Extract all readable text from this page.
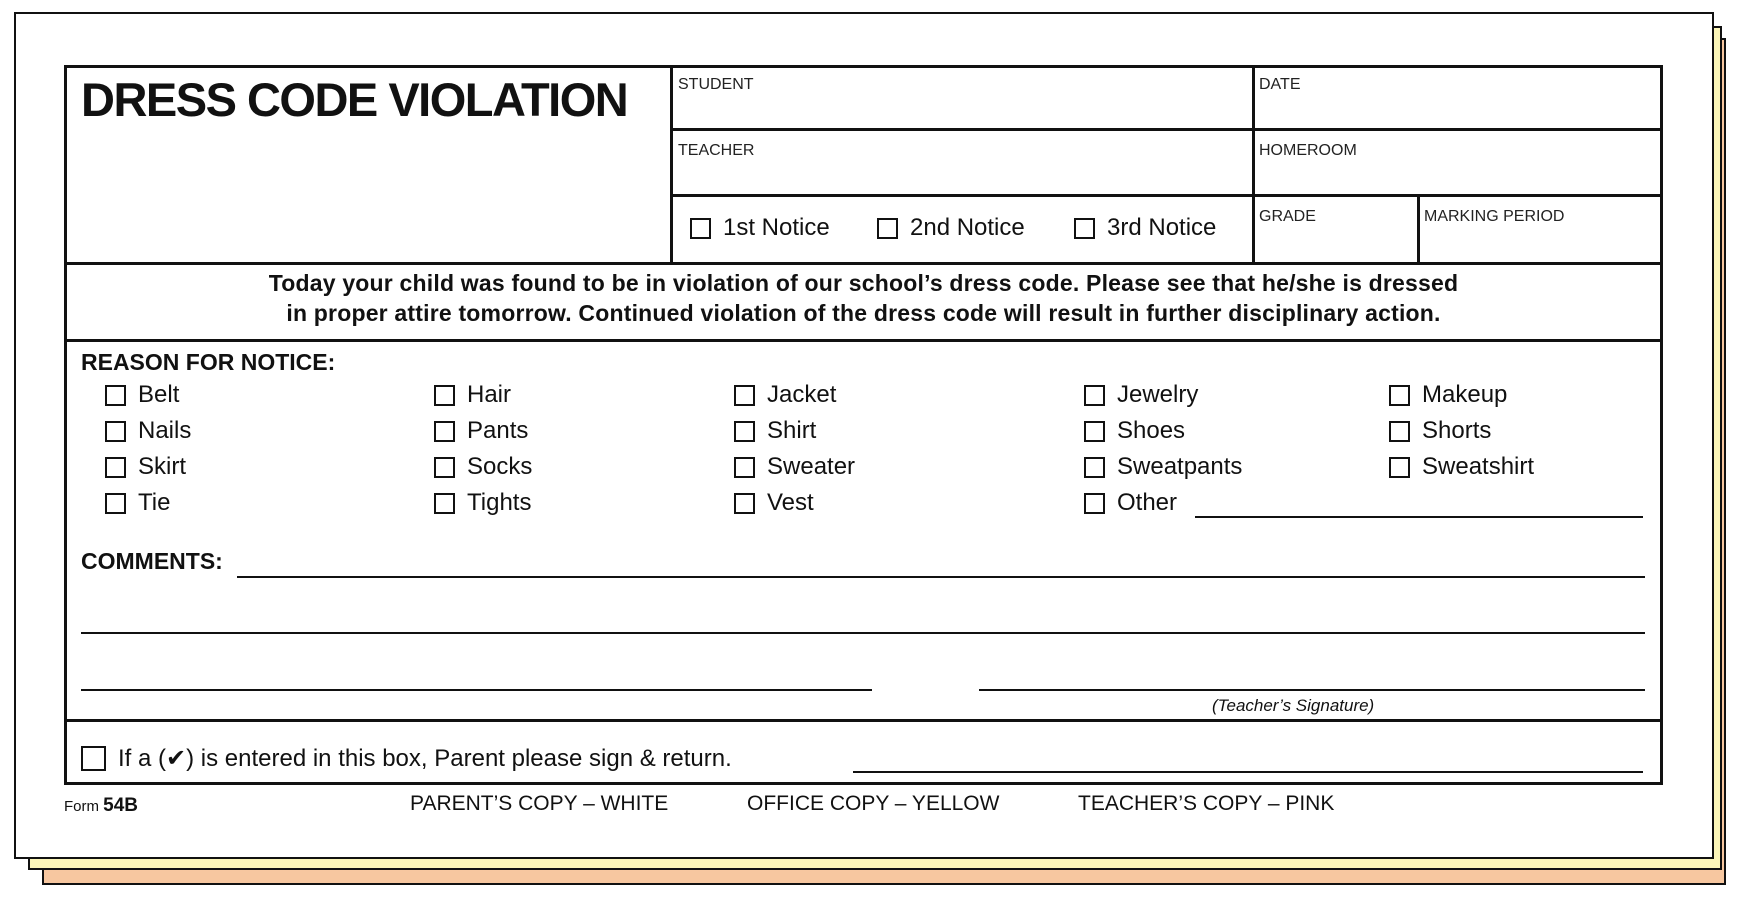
DRESS CODE VIOLATION	STUDENT	DATE
TEACHER	HOMEROOM
GRADE	MARKING PERIOD
1st Notice	2nd Notice	3rd Notice
Today your child was found to be in violation of our school’s dress code. Please see that he/she is dressed
in proper attire tomorrow. Continued violation of the dress code will result in further disciplinary action.
REASON FOR NOTICE:
Belt
Nails
Skirt
Tie
Hair
Pants
Socks
Tights
Jacket
Shirt
Sweater
Vest
Jewelry
Shoes
Sweatpants
Other
Makeup
Shorts
Sweatshirt
COMMENTS:
(Teacher’s Signature)
If a (✔) is entered in this box, Parent please sign & return.
Form 54B	PARENT’S COPY – WHITE	OFFICE COPY – YELLOW	TEACHER’S COPY – PINK
